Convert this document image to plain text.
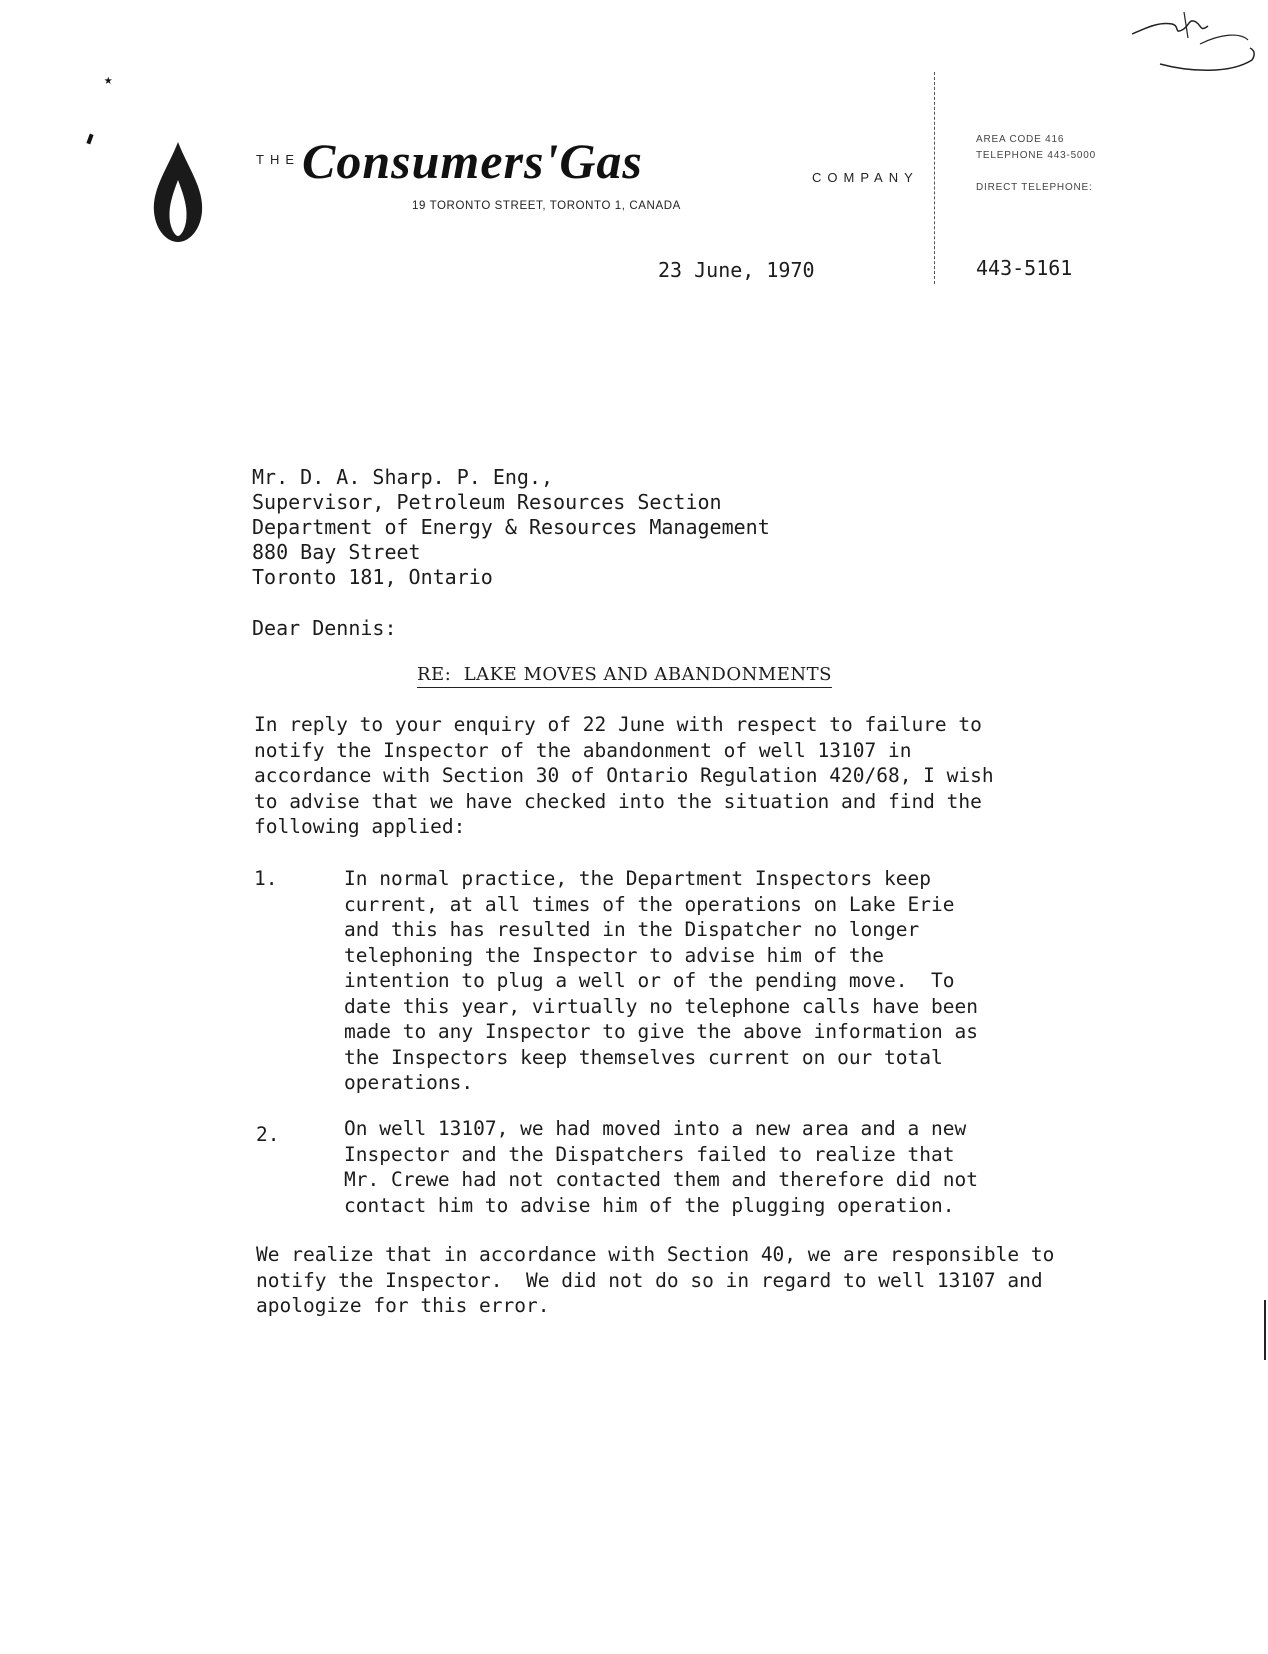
★
THE Consumers'Gas	COMPANY
19 TORONTO STREET, TORONTO 1, CANADA
AREA CODE 416
TELEPHONE 443-5000
DIRECT TELEPHONE:
443-5161
23 June, 1970
Mr. D. A. Sharp. P. Eng.,
Supervisor, Petroleum Resources Section
Department of Energy & Resources Management
880 Bay Street
Toronto 181, Ontario
Dear Dennis:
RE:  LAKE MOVES AND ABANDONMENTS
In reply to your enquiry of 22 June with respect to failure to
notify the Inspector of the abandonment of well 13107 in
accordance with Section 30 of Ontario Regulation 420/68, I wish
to advise that we have checked into the situation and find the
following applied:
1.	In normal practice, the Department Inspectors keep
current, at all times of the operations on Lake Erie
and this has resulted in the Dispatcher no longer
telephoning the Inspector to advise him of the
intention to plug a well or of the pending move.  To
date this year, virtually no telephone calls have been
made to any Inspector to give the above information as
the Inspectors keep themselves current on our total
operations.
2.	On well 13107, we had moved into a new area and a new
Inspector and the Dispatchers failed to realize that
Mr. Crewe had not contacted them and therefore did not
contact him to advise him of the plugging operation.
We realize that in accordance with Section 40, we are responsible to
notify the Inspector.  We did not do so in regard to well 13107 and
apologize for this error.
